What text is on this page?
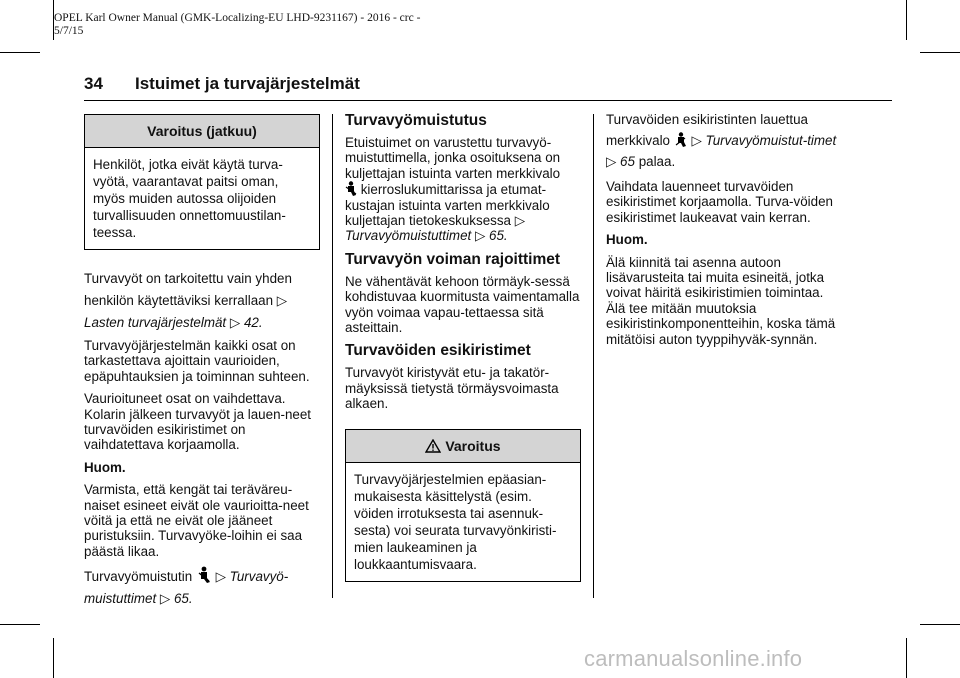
OPEL Karl Owner Manual (GMK-Localizing-EU LHD-9231167) - 2016 - crc -
5/7/15
34 Istuimet ja turvajärjestelmät
Varoitus (jatkuu)
Henkilöt, jotka eivät käytä turva-vyötä, vaarantavat paitsi oman, myös muiden autossa olijoiden turvallisuuden onnettomuustilan-teessa.

Turvavyöt on tarkoitettu vain yhden henkilön käytettäviksi kerrallaan ▷
Lasten turvajärjestelmät ▷ 42.

Turvavyöjärjestelmän kaikki osat on tarkastettava ajoittain vaurioiden, epäpuhtauksien ja toiminnan suhteen.

Vaurioituneet osat on vaihdettava. Kolarin jälkeen turvavyöt ja lauen-neet turvavöiden esikiristimet on vaihdatettava korjaamolla.

Huom.

Varmista, että kengät tai teräväreu-naiset esineet eivät ole vaurioitta-neet vöitä ja että ne eivät ole jääneet puristuksiin. Turvavyöke-loihin ei saa päästä likaa.

Turvavyömuistutin ▷ Turvavyö-muistuttimet ▷ 65.

Turvavyömuistutus

Etuistuimet on varustettu turvavyö-muistuttimella, jonka osoituksena on kuljettajan istuinta varten merkkivalo
kierroslukumittarissa ja etumat-kustajan istuinta varten merkkivalo kuljettajan tietokeskuksessa ▷
Turvavyömuistuttimet ▷ 65.

Turvavyön voiman rajoittimet

Ne vähentävät kehoon törmäyk-sessä kohdistuvaa kuormitusta vaimentamalla vyön voimaa vapau-tettaessa sitä asteittain.

Turvavöiden esikiristimet

Turvavyöt kiristyvät etu- ja takatör-mäyksissä tietystä törmäysvoimasta alkaen.

Varoitus
Turvavyöjärjestelmien epäasian-mukaisesta käsittelystä (esim. vöiden irrotuksesta tai asennuk-sesta) voi seurata turvavyönkiristi-mien laukeaminen ja loukkaantumisvaara.

Turvavöiden esikiristinten lauettua merkkivalo ▷ Turvavyömuistut-timet ▷ 65 palaa.

Vaihdata lauenneet turvavöiden esikiristimet korjaamolla. Turva-vöiden esikiristimet laukeavat vain kerran.

Huom.

Älä kiinnitä tai asenna autoon lisävarusteita tai muita esineitä, jotka voivat häiritä esikiristimien toimintaa. Älä tee mitään muutoksia esikiristinkomponentteihin, koska tämä mitätöisi auton tyyppihyväk-synnän.

carmanualsonline.info
